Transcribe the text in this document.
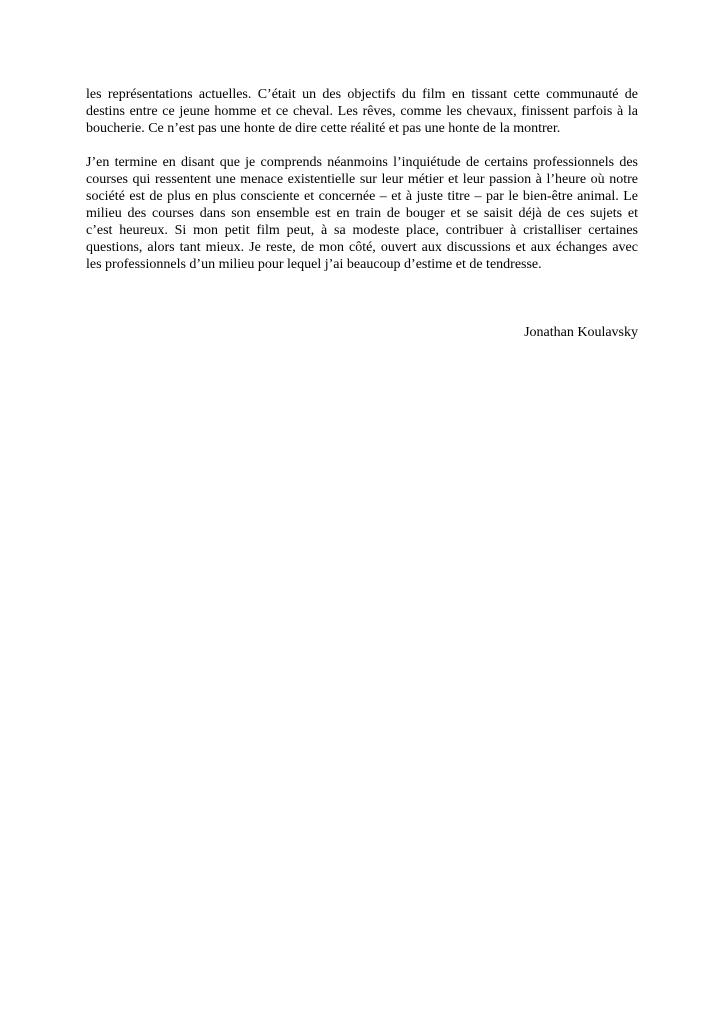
les représentations actuelles. C’était un des objectifs du film en tissant cette communauté de
destins entre ce jeune homme et ce cheval. Les rêves, comme les chevaux, finissent parfois à la
boucherie. Ce n’est pas une honte de dire cette réalité et pas une honte de la montrer.

J’en termine en disant que je comprends néanmoins l’inquiétude de certains professionnels des
courses qui ressentent une menace existentielle sur leur métier et leur passion à l’heure où notre
société est de plus en plus consciente et concernée – et à juste titre – par le bien-être animal. Le
milieu des courses dans son ensemble est en train de bouger et se saisit déjà de ces sujets et
c’est heureux. Si mon petit film peut, à sa modeste place, contribuer à cristalliser certaines
questions, alors tant mieux. Je reste, de mon côté, ouvert aux discussions et aux échanges avec
les professionnels d’un milieu pour lequel j’ai beaucoup d’estime et de tendresse.

Jonathan Koulavsky
